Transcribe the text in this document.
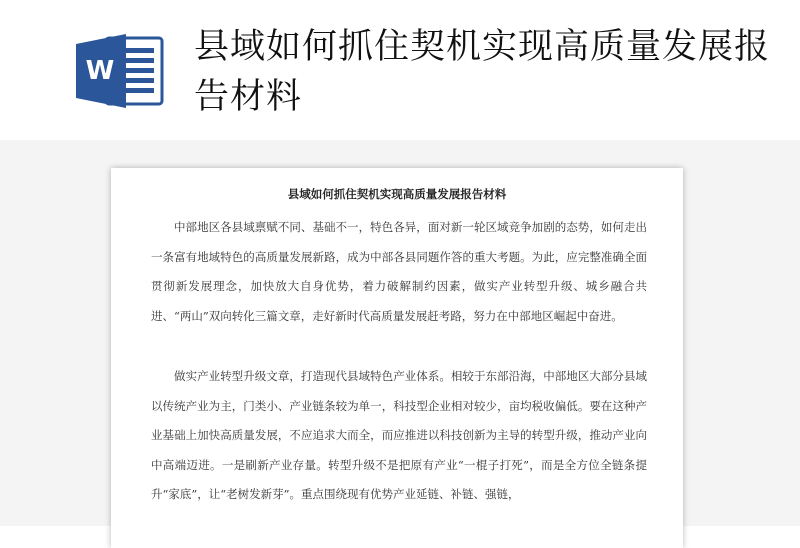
W
县域如何抓住契机实现高质量发展报告材料
县域如何抓住契机实现高质量发展报告材料

中部地区各县域禀赋不同、基础不一，特色各异，面对新一轮区域竞争加剧的态势，如何走出一条富有地域特色的高质量发展新路，成为中部各县同题作答的重大考题。为此，应完整准确全面贯彻新发展理念，加快放大自身优势，着力破解制约因素，做实产业转型升级、城乡融合共进、“两山”双向转化三篇文章，走好新时代高质量发展赶考路，努力在中部地区崛起中奋进。

做实产业转型升级文章，打造现代县域特色产业体系。相较于东部沿海，中部地区大部分县域以传统产业为主，门类小、产业链条较为单一，科技型企业相对较少，亩均税收偏低。要在这种产业基础上加快高质量发展，不应追求大而全，而应推进以科技创新为主导的转型升级，推动产业向中高端迈进。一是刷新产业存量。转型升级不是把原有产业“一棍子打死”，而是全方位全链条提升“家底”，让“老树发新芽”。重点围绕现有优势产业延链、补链、强链，
